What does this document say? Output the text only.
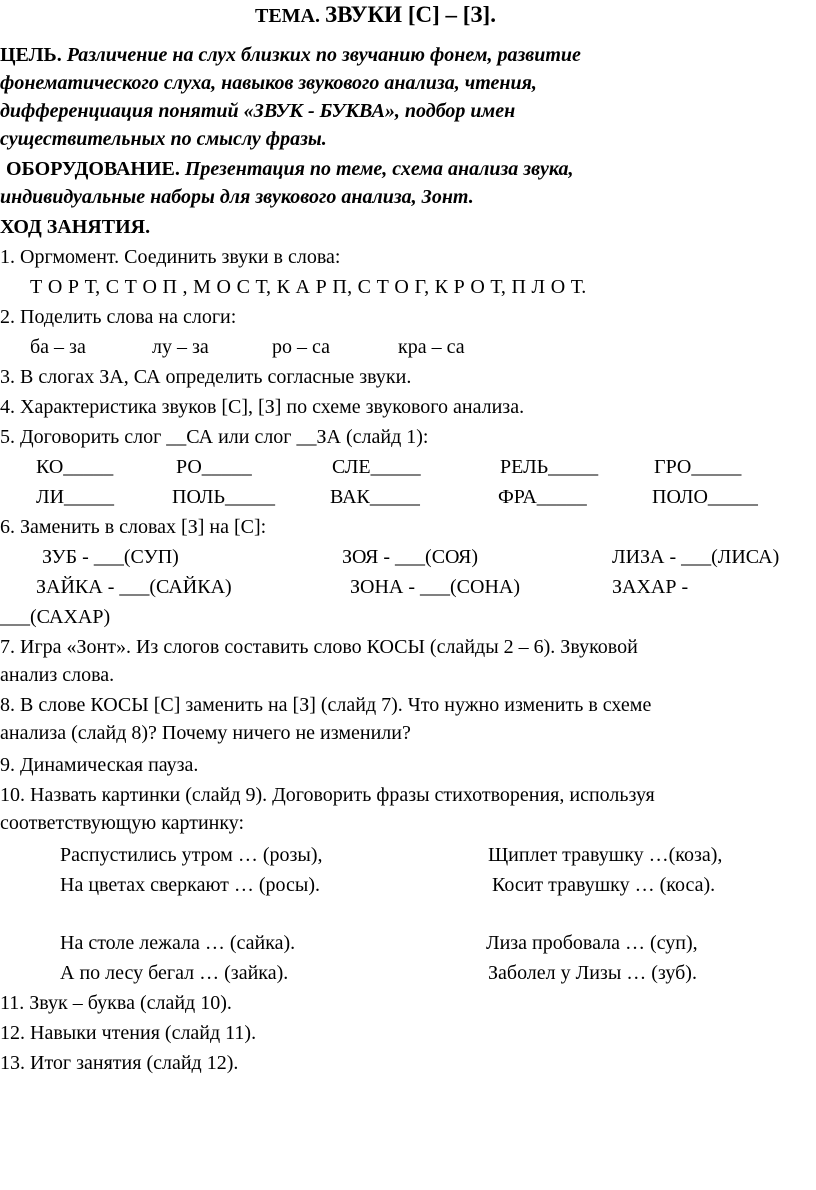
ТЕМА. ЗВУКИ [С] – [З].
ЦЕЛЬ. Различение на слух близких по звучанию фонем, развитие
фонематического слуха, навыков звукового анализа, чтения,
дифференциация понятий «ЗВУК - БУКВА», подбор имен
существительных по смыслу фразы.
ОБОРУДОВАНИЕ. Презентация по теме, схема анализа звука,
индивидуальные наборы для звукового анализа, Зонт.
ХОД ЗАНЯТИЯ.
1. Оргмомент. Соединить звуки в слова:
Т О Р Т, С Т О П , М О С Т, К А Р П, С Т О Г, К Р О Т, П Л О Т.
2. Поделить слова на слоги:
ба – за	лу – за	ро – са	кра – са
3. В слогах ЗА, СА определить согласные звуки.
4. Характеристика звуков [С], [З] по схеме звукового анализа.
5. Договорить слог __СА или слог __ЗА (слайд 1):
КО_____	РО_____	СЛЕ_____	РЕЛЬ_____	ГРО_____
ЛИ_____	ПОЛЬ_____	ВАК_____	ФРА_____	ПОЛО_____
6. Заменить в словах [З] на [С]:
ЗУБ - ___(СУП)	ЗОЯ - ___(СОЯ)	ЛИЗА - ___(ЛИСА)
ЗАЙКА - ___(САЙКА)	ЗОНА - ___(СОНА)	ЗАХАР -
___(САХАР)
7. Игра «Зонт». Из слогов составить слово КОСЫ (слайды 2 – 6). Звуковой
анализ слова.
8. В слове КОСЫ [С] заменить на [З] (слайд 7). Что нужно изменить в схеме
анализа (слайд 8)? Почему ничего не изменили?
9. Динамическая пауза.
10. Назвать картинки (слайд 9). Договорить фразы стихотворения, используя
соответствующую картинку:
Распустились утром … (розы),	Щиплет травушку …(коза),
На цветах сверкают … (росы).	Косит травушку … (коса).
На столе лежала … (сайка).	Лиза пробовала … (суп),
А по лесу бегал … (зайка).	Заболел у Лизы … (зуб).
11. Звук – буква (слайд 10).
12. Навыки чтения (слайд 11).
13. Итог занятия (слайд 12).
